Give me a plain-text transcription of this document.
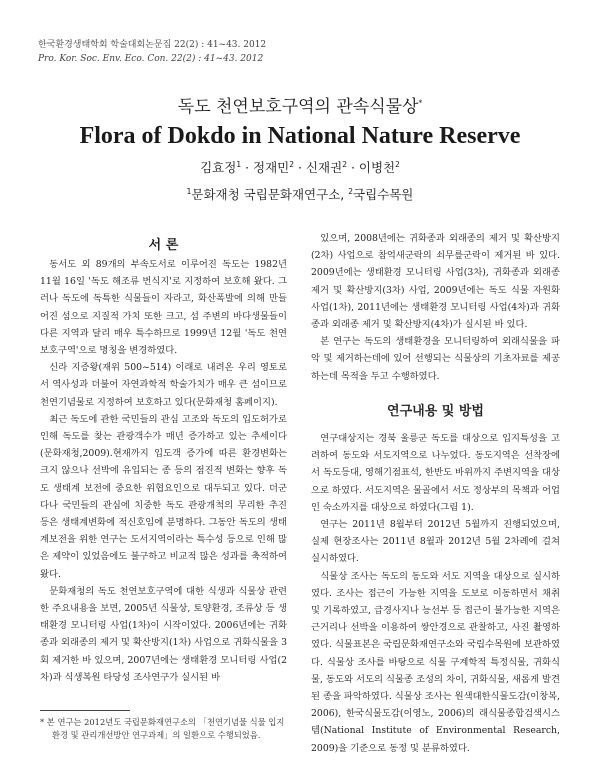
한국환경생태학회 학술대회논문집 22(2) : 41~43. 2012
Pro. Kor. Soc. Env. Eco. Con. 22(2) : 41~43. 2012
독도 천연보호구역의 관속식물상*
Flora of Dokdo in National Nature Reserve
김효정$^1$ · 정재민$^2$ · 신재권$^2$ · 이병천$^2$
$^1$문화재청 국립문화재연구소, $^2$국립수목원
서 론

동서도 외 89개의 부속도서로 이루어진 독도는 1982년 11월 16일 '독도 해조류 번식지'로 지정하여 보호해 왔다. 그러나 독도에 독특한 식물들이 자라고, 화산폭발에 의해 만들어진 섬으로 지질적 가치 또한 크고, 섬 주변의 바다생물들이 다른 지역과 달리 매우 특수하므로 1999년 12월 '독도 천연보호구역'으로 명칭을 변경하였다.

신라 지증왕(재위 500~514) 이래로 내려온 우리 영토로서 역사성과 더불어 자연과학적 학술가치가 매우 큰 섬이므로 천연기념물로 지정하여 보호하고 있다(문화재청 홈페이지).

최근 독도에 관한 국민들의 관심 고조와 독도의 입도허가로 인해 독도를 찾는 관광객수가 매년 증가하고 있는 추세이다(문화재청,2009).현재까지 입도객 증가에 따른 환경변화는 크지 않으나 선박에 유입되는 종 등의 점진적 변화는 향후 독도 생태계 보전에 중요한 위협요인으로 대두되고 있다. 더군다나 국민들의 관심에 치중한 독도 관광개척의 무리한 추진 등은 생태계변화에 적신호임에 분명하다. 그동안 독도의 생태계보전을 위한 연구는 도서지역이라는 특수성 등으로 인해 많은 제약이 있었음에도 불구하고 비교적 많은 성과를 축적하여 왔다.

문화재청의 독도 천연보호구역에 대한 식생과 식물상 관련한 주요내용을 보면, 2005년 식물상, 토양환경, 조류상 등 생태환경 모니터링 사업(1차)이 시작이었다. 2006년에는 귀화종과 외래종의 제거 및 확산방지(1차) 사업으로 귀화식물을 3회 제거한 바 있으며, 2007년에는 생태환경 모니터링 사업(2차)과 식생복원 타당성 조사연구가 실시된 바

있으며, 2008년에는 귀화종과 외래종의 제거 및 확산방지(2차) 사업으로 참억새군락의 쇠무릎군락이 제거된 바 있다. 2009년에는 생태환경 모니터링 사업(3차), 귀화종과 외래종 제거 및 확산방지(3차) 사업, 2009년에는 독도 식물 자원화 사업(1차), 2011년에는 생태환경 모니터링 사업(4차)과 귀화종과 외래종 제거 및 확산방지(4차)가 실시된 바 있다.

본 연구는 독도의 생태환경을 모니터링하여 외래식물을 파악 및 제거하는데에 있어 선행되는 식물상의 기초자료를 제공하는데 목적을 두고 수행하였다.

연구내용 및 방법

연구대상지는 경북 울릉군 독도를 대상으로 입지특성을 고려하여 동도와 서도지역으로 나누었다. 동도지역은 선착장에서 독도등대, 영해기점표석, 한반도 바위까지 주변지역을 대상으로 하였다. 서도지역은 물골에서 서도 정상부의 목책과 어업인 숙소까지를 대상으로 하였다(그림 1).

연구는 2011년 8월부터 2012년 5월까지 진행되었으며, 실제 현장조사는 2011년 8월과 2012년 5월 2차례에 걸쳐 실시하였다.

식물상 조사는 독도의 동도와 서도 지역을 대상으로 실시하였다. 조사는 접근이 가능한 지역을 도보로 이동하면서 채취 및 기록하였고, 급경사지나 능선부 등 접근이 불가능한 지역은 근거리나 선박을 이용하여 쌍안경으로 관찰하고, 사진 촬영하였다. 식물표본은 국립문화재연구소와 국립수목원에 보관하였다. 식물상 조사를 바탕으로 식물 구계학적 특정식물, 귀화식물, 동도와 서도의 식물종 조성의 차이, 귀화식물, 새롭게 발견된 종을 파악하였다. 식물상 조사는 원색대한식물도감(이창복, 2006), 한국식물도감(이영노, 2006)의 래식물종합검색시스템(National Institute of Environmental Research, 2009)을 기준으로 동정 및 분류하였다.

* 본 연구는 2012년도 국립문화재연구소의 「천연기념물 식물 입지환경 및 관리개선방안 연구과제」의 일환으로 수행되었음.
